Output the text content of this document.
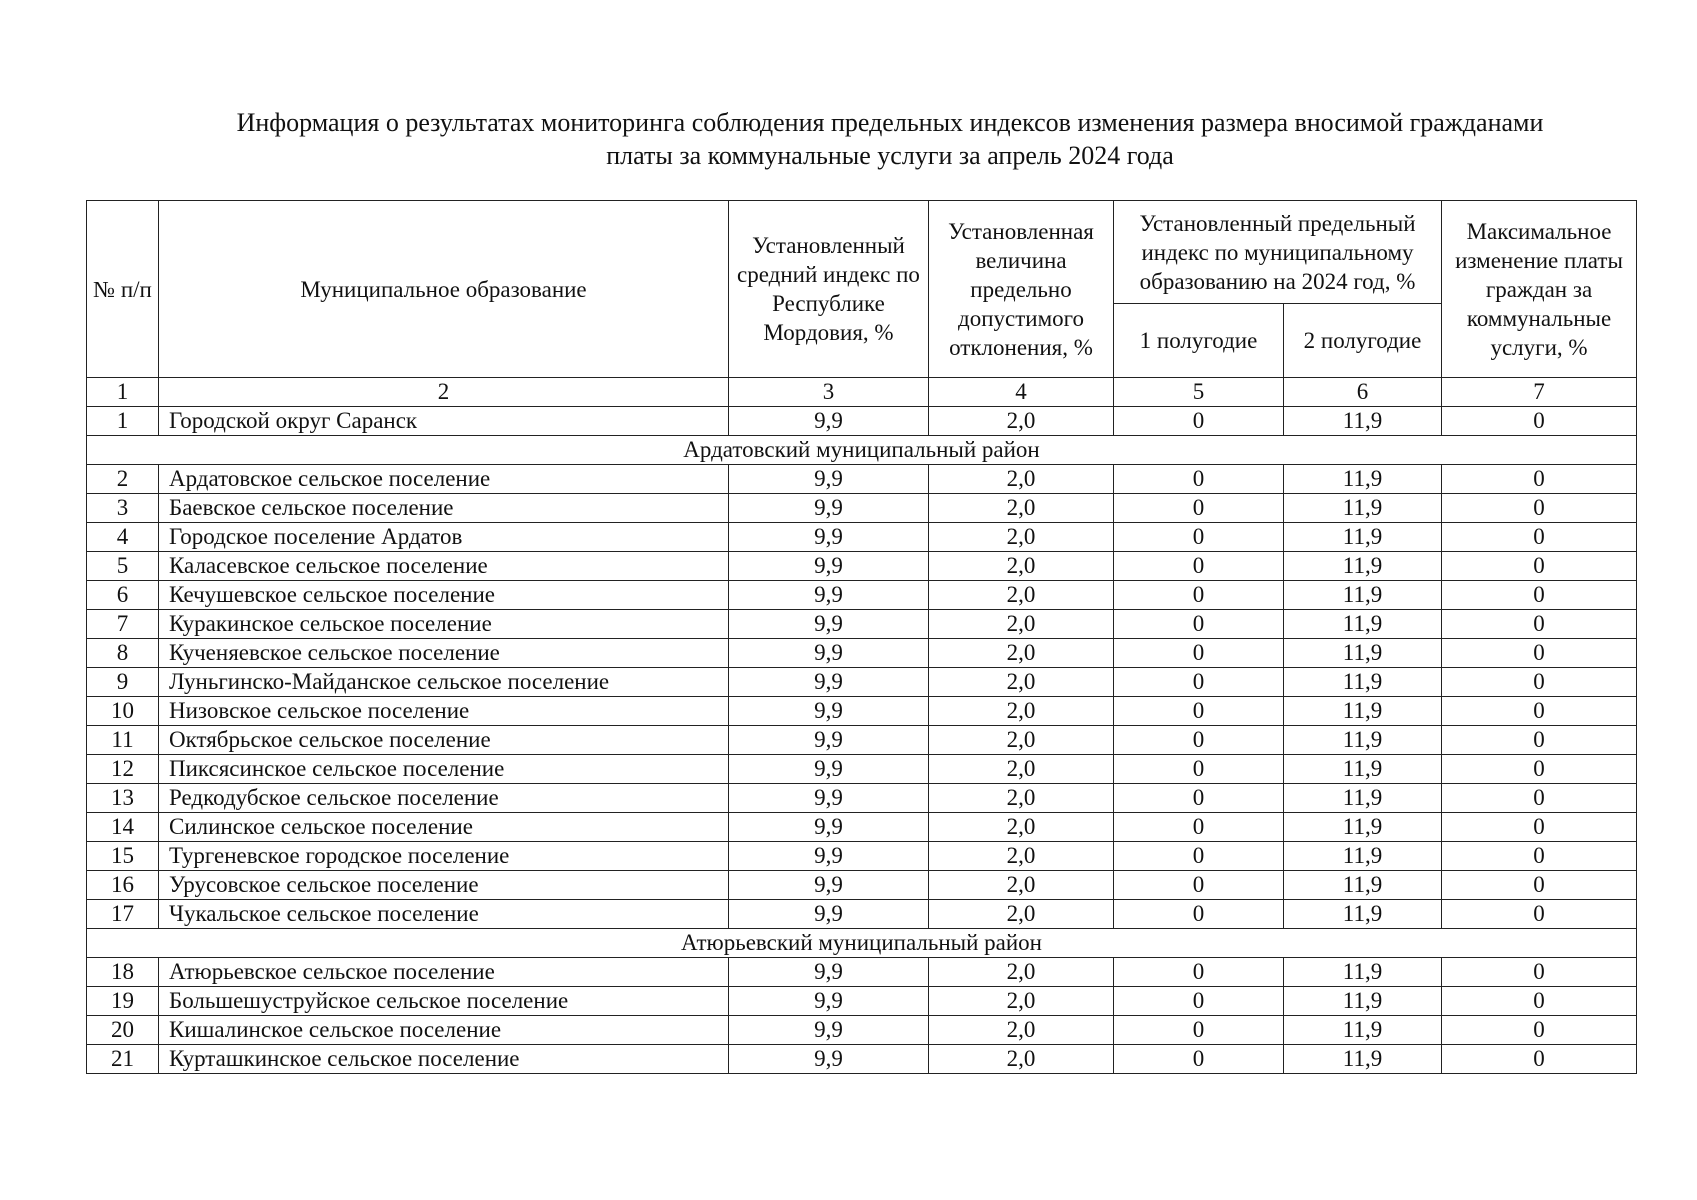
Информация о результатах мониторинга соблюдения предельных индексов изменения размера вносимой гражданами
платы за коммунальные услуги за апрель 2024 года
№ п/п	Муниципальное образование	Установленный средний индекс по Республике Мордовия, %	Установленная величина предельно допустимого отклонения, %	Установленный предельный индекс по муниципальному образованию на 2024 год, %		Максимальное изменение платы граждан за коммунальные услуги, %
				1 полугодие	2 полугодие	
1	2	3	4	5	6	7
1	Городской округ Саранск	9,9	2,0	0	11,9	0
Ардатовский муниципальный район						
2	Ардатовское сельское поселение	9,9	2,0	0	11,9	0
3	Баевское сельское поселение	9,9	2,0	0	11,9	0
4	Городское поселение Ардатов	9,9	2,0	0	11,9	0
5	Каласевское сельское поселение	9,9	2,0	0	11,9	0
6	Кечушевское сельское поселение	9,9	2,0	0	11,9	0
7	Куракинское сельское поселение	9,9	2,0	0	11,9	0
8	Кученяевское сельское поселение	9,9	2,0	0	11,9	0
9	Луньгинско-Майданское сельское поселение	9,9	2,0	0	11,9	0
10	Низовское сельское поселение	9,9	2,0	0	11,9	0
11	Октябрьское сельское поселение	9,9	2,0	0	11,9	0
12	Пиксясинское сельское поселение	9,9	2,0	0	11,9	0
13	Редкодубское сельское поселение	9,9	2,0	0	11,9	0
14	Силинское сельское поселение	9,9	2,0	0	11,9	0
15	Тургеневское городское поселение	9,9	2,0	0	11,9	0
16	Урусовское сельское поселение	9,9	2,0	0	11,9	0
17	Чукальское сельское поселение	9,9	2,0	0	11,9	0
Атюрьевский муниципальный район						
18	Атюрьевское сельское поселение	9,9	2,0	0	11,9	0
19	Большешуструйское сельское поселение	9,9	2,0	0	11,9	0
20	Кишалинское сельское поселение	9,9	2,0	0	11,9	0
21	Курташкинское сельское поселение	9,9	2,0	0	11,9	0
